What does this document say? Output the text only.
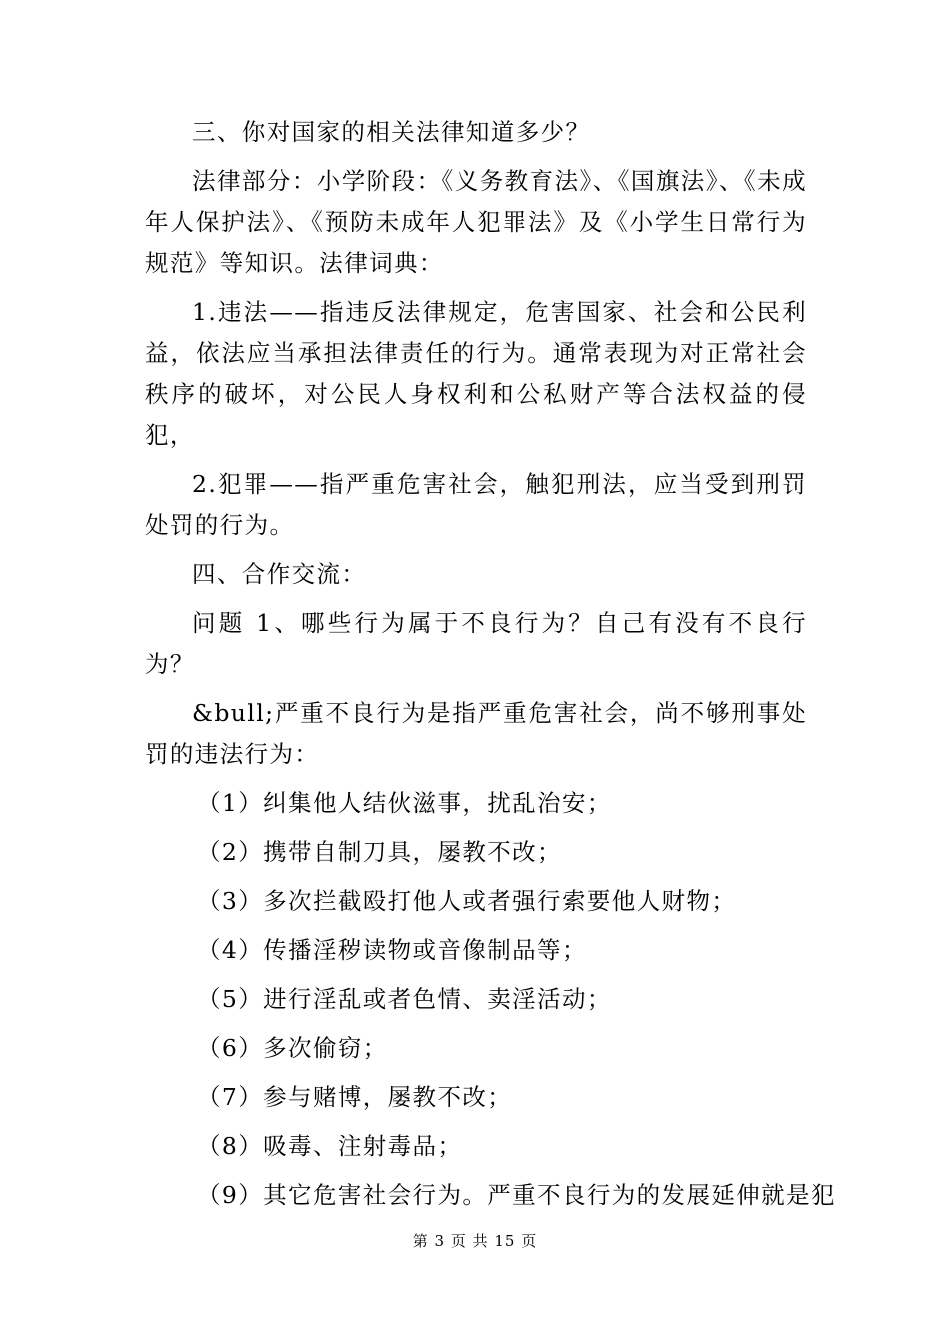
三、你对国家的相关法律知道多少？

法律部分：小学阶段：《义务教育法》、《国旗法》、《未成年人保护法》、《预防未成年人犯罪法》及《小学生日常行为规范》等知识。法律词典：

1.违法——指违反法律规定，危害国家、社会和公民利益，依法应当承担法律责任的行为。通常表现为对正常社会秩序的破坏，对公民人身权利和公私财产等合法权益的侵犯，

2.犯罪——指严重危害社会，触犯刑法，应当受到刑罚处罚的行为。

四、合作交流：

问题 1、哪些行为属于不良行为？自己有没有不良行为？

&bull;严重不良行为是指严重危害社会，尚不够刑事处罚的违法行为：

（1）纠集他人结伙滋事，扰乱治安；

（2）携带自制刀具，屡教不改；

（3）多次拦截殴打他人或者强行索要他人财物；

（4）传播淫秽读物或音像制品等；

（5）进行淫乱或者色情、卖淫活动；

（6）多次偷窃；

（7）参与赌博，屡教不改；

（8）吸毒、注射毒品；

（9）其它危害社会行为。严重不良行为的发展延伸就是犯

第 3 页 共 15 页
